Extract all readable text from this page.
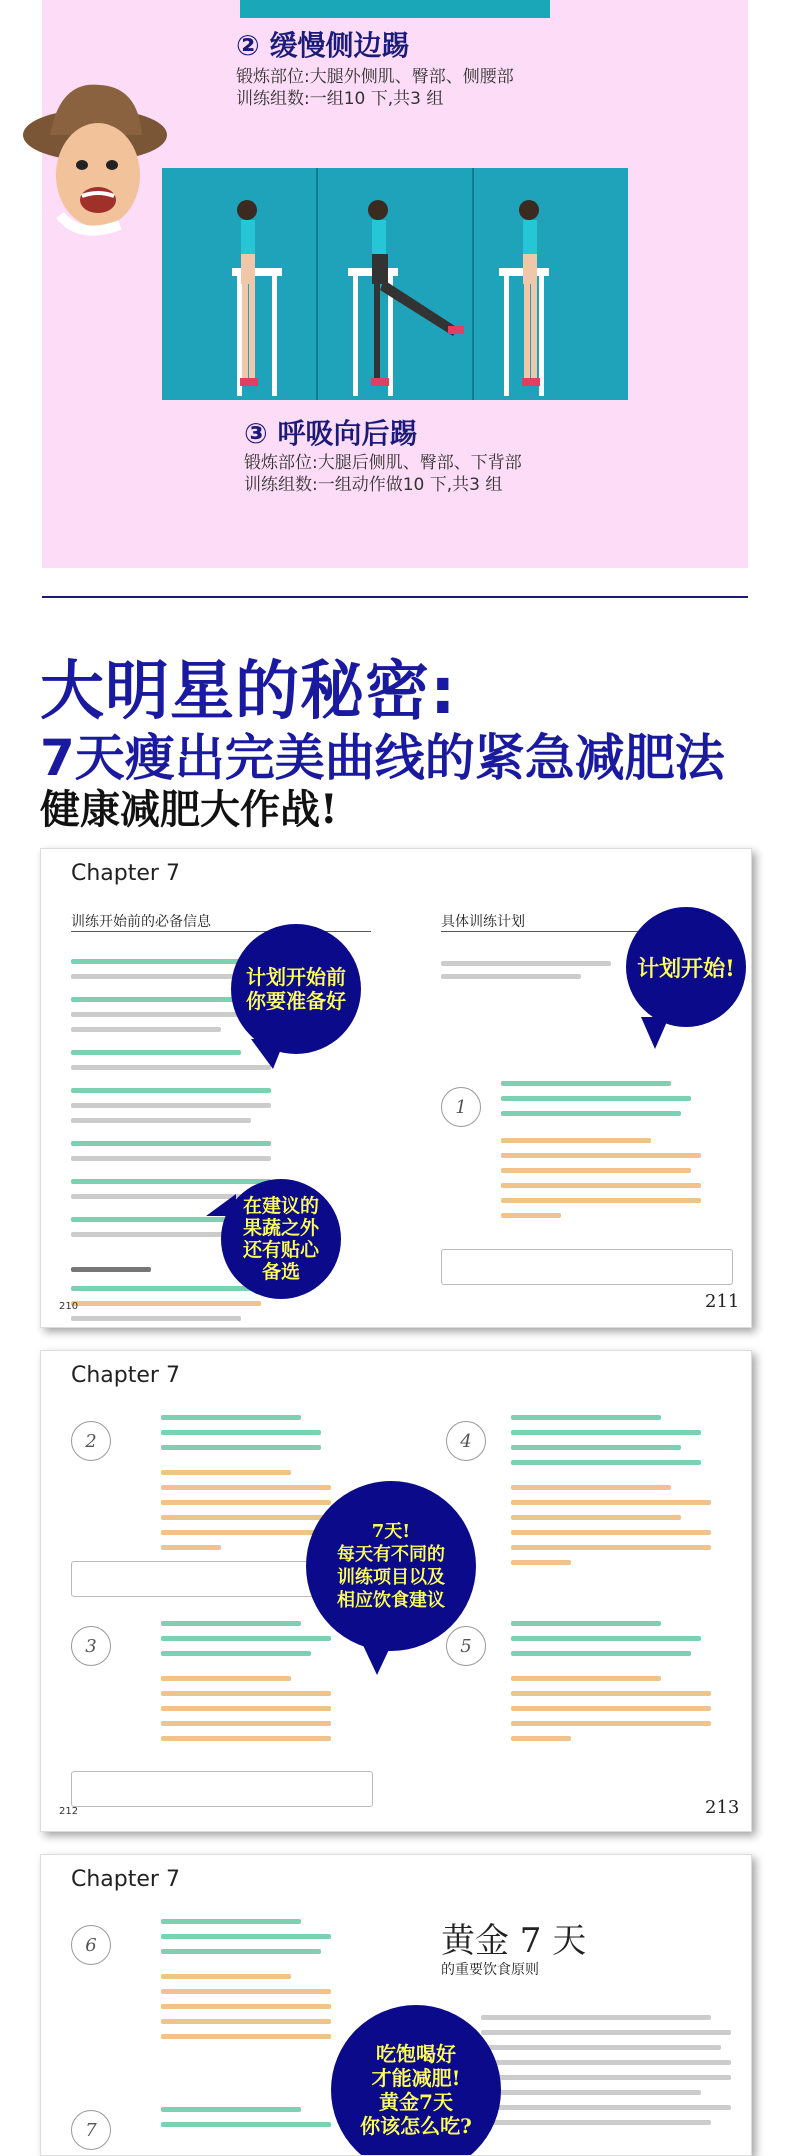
② 缓慢侧边踢
锻炼部位:大腿外侧肌、臀部、侧腰部
训练组数:一组10 下,共3 组
③ 呼吸向后踢
锻炼部位:大腿后侧肌、臀部、下背部
训练组数:一组动作做10 下,共3 组
大明星的秘密:
7天瘦出完美曲线的紧急减肥法
健康减肥大作战!
Chapter 7
训练开始前的必备信息	具体训练计划
计划开始前
你要准备好
在建议的
果蔬之外
还有贴心
备选
计划开始!
1
210	211
Chapter 7
2
3
7天!
每天有不同的
训练项目以及
相应饮食建议
4
5
212	213
Chapter 7
6
7
黄金 7 天
的重要饮食原则
吃饱喝好
才能减肥!
黄金7天
你该怎么吃?
